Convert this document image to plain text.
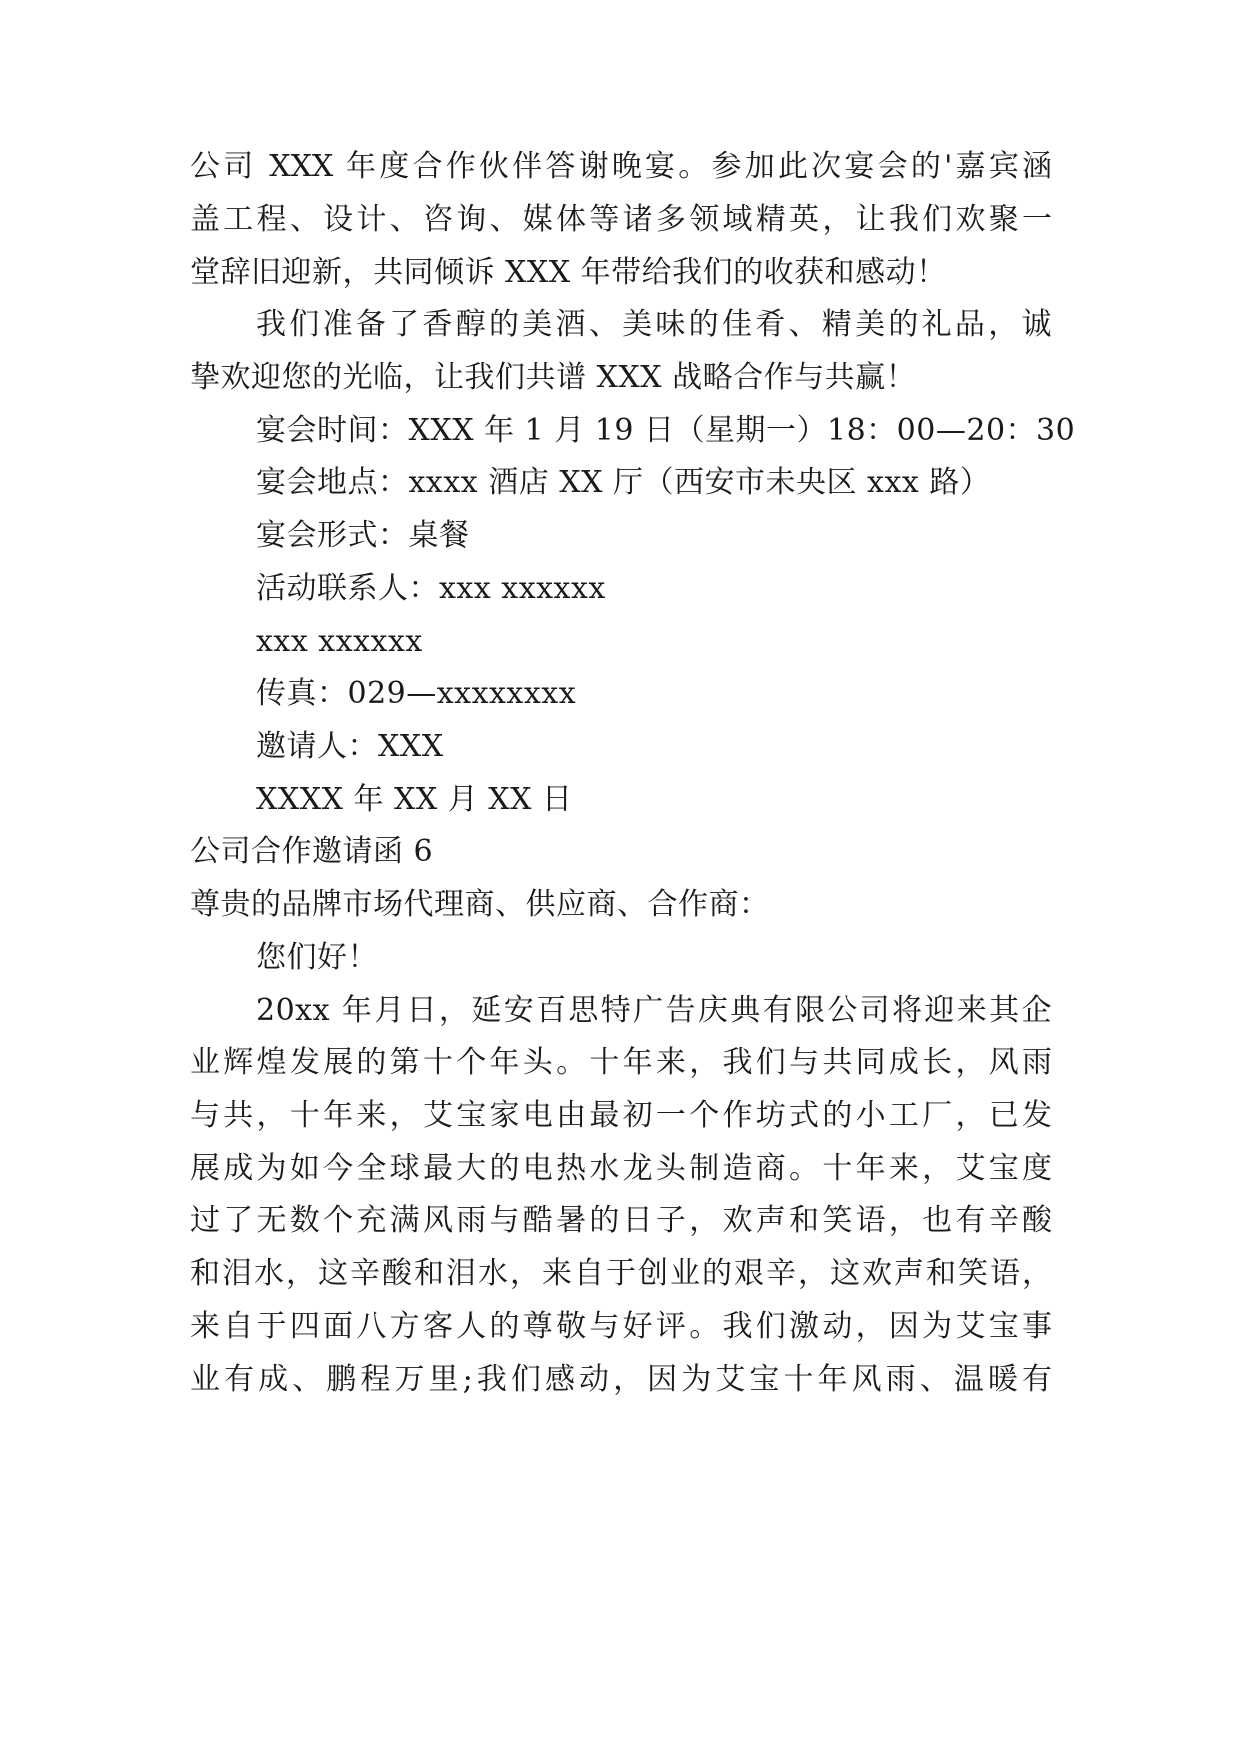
公司 XXX 年度合作伙伴答谢晚宴。参加此次宴会的'嘉宾涵
盖工程、设计、咨询、媒体等诸多领域精英，让我们欢聚一
堂辞旧迎新，共同倾诉 XXX 年带给我们的收获和感动！
我们准备了香醇的美酒、美味的佳肴、精美的礼品，诚
挚欢迎您的光临，让我们共谱 XXX 战略合作与共赢！
宴会时间：XXX 年 1 月 19 日（星期一）18：00—20：30
宴会地点：xxxx 酒店 XX 厅（西安市未央区 xxx 路）
宴会形式：桌餐
活动联系人：xxx xxxxxx
xxx xxxxxx
传真：029—xxxxxxxx
邀请人：XXX
XXXX 年 XX 月 XX 日
公司合作邀请函 6
尊贵的品牌市场代理商、供应商、合作商：
您们好！
20xx 年月日，延安百思特广告庆典有限公司将迎来其企
业辉煌发展的第十个年头。十年来，我们与共同成长，风雨
与共，十年来，艾宝家电由最初一个作坊式的小工厂，已发
展成为如今全球最大的电热水龙头制造商。十年来，艾宝度
过了无数个充满风雨与酷暑的日子，欢声和笑语，也有辛酸
和泪水，这辛酸和泪水，来自于创业的艰辛，这欢声和笑语，
来自于四面八方客人的尊敬与好评。我们激动，因为艾宝事
业有成、鹏程万里;我们感动，因为艾宝十年风雨、温暖有
